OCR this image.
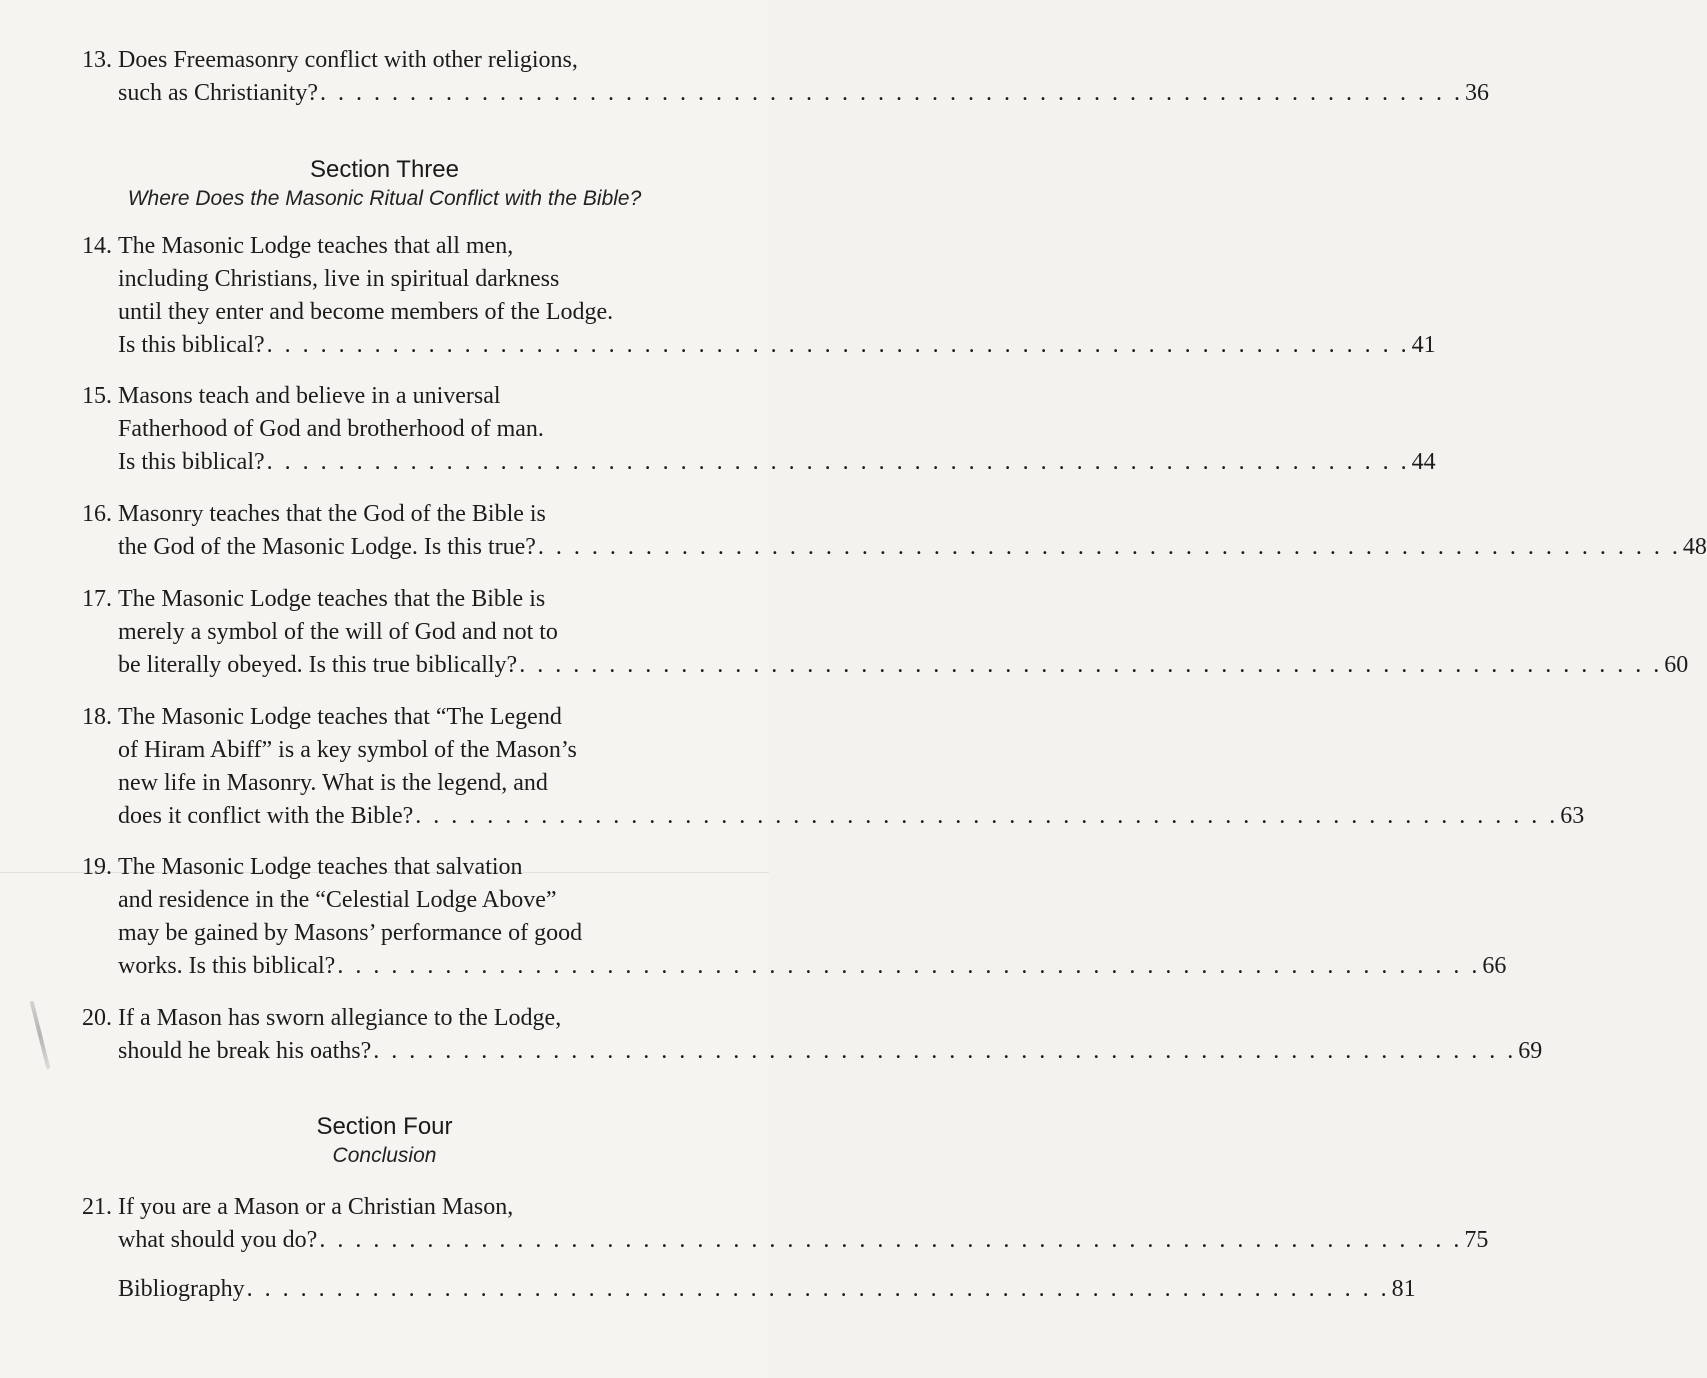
13. Does Freemasonry conflict with other religions,
such as Christianity? . . . . . . . . . . . . . . . . . . . . . . . . . . . . . . . . . . . . . . . . . . . . . . . . . . . . . . . . . . . . . . . . 36
Section Three
Where Does the Masonic Ritual Conflict with the Bible?
14. The Masonic Lodge teaches that all men,
including Christians, live in spiritual darkness
until they enter and become members of the Lodge.
Is this biblical? . . . . . . . . . . . . . . . . . . . . . . . . . . . . . . . . . . . . . . . . . . . . . . . . . . . . . . . . . . . . . . . . 41
15. Masons teach and believe in a universal
Fatherhood of God and brotherhood of man.
Is this biblical? . . . . . . . . . . . . . . . . . . . . . . . . . . . . . . . . . . . . . . . . . . . . . . . . . . . . . . . . . . . . . . . . 44
16. Masonry teaches that the God of the Bible is
the God of the Masonic Lodge. Is this true? . . . . . . . . . . . . . . . . . . . . . . . . . . . . . . . . . . . . . . . . . . . . . . . . . . . . . . . . . . . . . . . . 48
17. The Masonic Lodge teaches that the Bible is
merely a symbol of the will of God and not to
be literally obeyed. Is this true biblically? . . . . . . . . . . . . . . . . . . . . . . . . . . . . . . . . . . . . . . . . . . . . . . . . . . . . . . . . . . . . . . . . 60
18. The Masonic Lodge teaches that “The Legend
of Hiram Abiff” is a key symbol of the Mason’s
new life in Masonry. What is the legend, and
does it conflict with the Bible? . . . . . . . . . . . . . . . . . . . . . . . . . . . . . . . . . . . . . . . . . . . . . . . . . . . . . . . . . . . . . . . . 63
19. The Masonic Lodge teaches that salvation
and residence in the “Celestial Lodge Above”
may be gained by Masons’ performance of good
works. Is this biblical? . . . . . . . . . . . . . . . . . . . . . . . . . . . . . . . . . . . . . . . . . . . . . . . . . . . . . . . . . . . . . . . . 66
20. If a Mason has sworn allegiance to the Lodge,
should he break his oaths? . . . . . . . . . . . . . . . . . . . . . . . . . . . . . . . . . . . . . . . . . . . . . . . . . . . . . . . . . . . . . . . . 69
Section Four
Conclusion
21. If you are a Mason or a Christian Mason,
what should you do? . . . . . . . . . . . . . . . . . . . . . . . . . . . . . . . . . . . . . . . . . . . . . . . . . . . . . . . . . . . . . . . . 75
Bibliography . . . . . . . . . . . . . . . . . . . . . . . . . . . . . . . . . . . . . . . . . . . . . . . . . . . . . . . . . . . . . . . . 81
